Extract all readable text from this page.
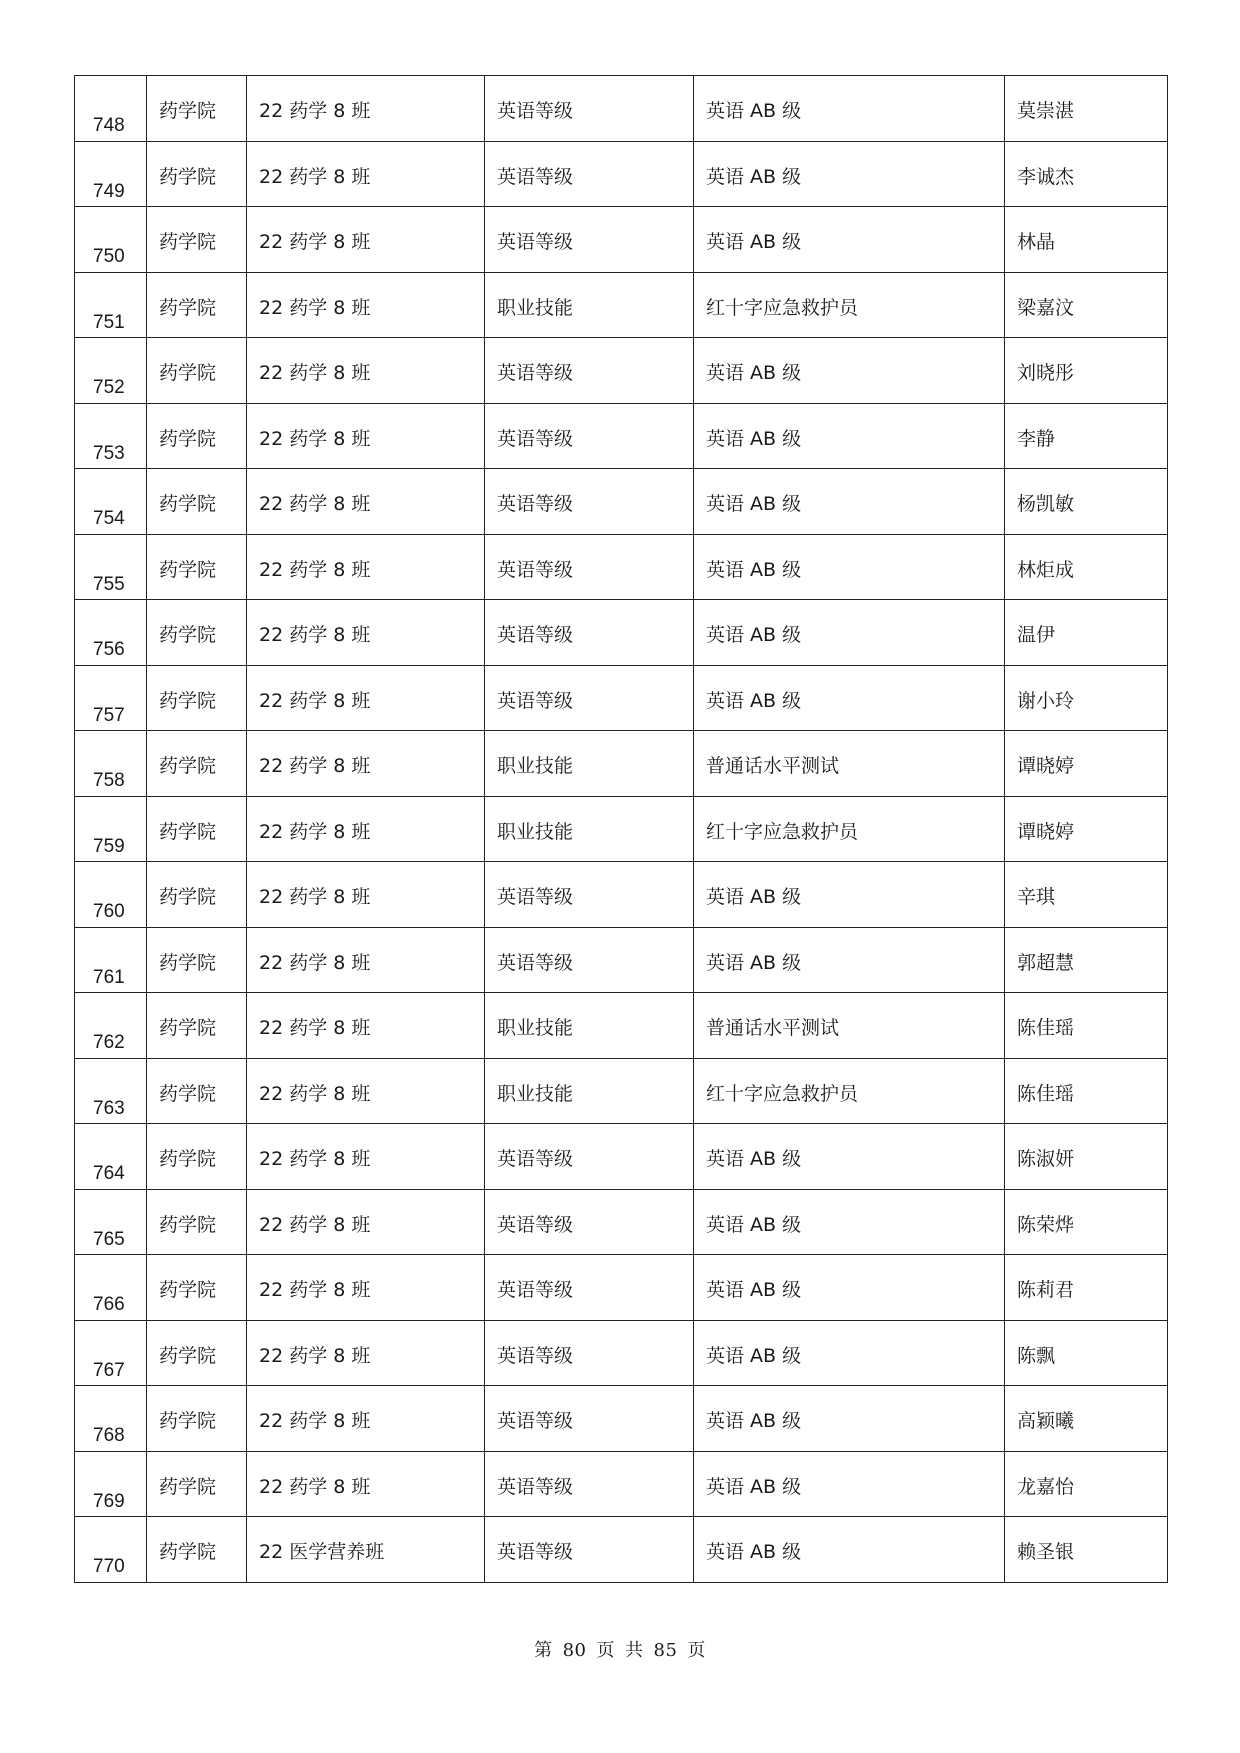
748	药学院	22 药学 8 班	英语等级	英语 AB 级	莫崇湛

749	药学院	22 药学 8 班	英语等级	英语 AB 级	李诚杰

750	药学院	22 药学 8 班	英语等级	英语 AB 级	林晶

751	药学院	22 药学 8 班	职业技能	红十字应急救护员	梁嘉汶

752	药学院	22 药学 8 班	英语等级	英语 AB 级	刘晓彤

753	药学院	22 药学 8 班	英语等级	英语 AB 级	李静

754	药学院	22 药学 8 班	英语等级	英语 AB 级	杨凯敏

755	药学院	22 药学 8 班	英语等级	英语 AB 级	林炬成

756	药学院	22 药学 8 班	英语等级	英语 AB 级	温伊

757	药学院	22 药学 8 班	英语等级	英语 AB 级	谢小玲

758	药学院	22 药学 8 班	职业技能	普通话水平测试	谭晓婷

759	药学院	22 药学 8 班	职业技能	红十字应急救护员	谭晓婷

760	药学院	22 药学 8 班	英语等级	英语 AB 级	辛琪

761	药学院	22 药学 8 班	英语等级	英语 AB 级	郭超慧

762	药学院	22 药学 8 班	职业技能	普通话水平测试	陈佳瑶

763	药学院	22 药学 8 班	职业技能	红十字应急救护员	陈佳瑶

764	药学院	22 药学 8 班	英语等级	英语 AB 级	陈淑妍

765	药学院	22 药学 8 班	英语等级	英语 AB 级	陈荣烨

766	药学院	22 药学 8 班	英语等级	英语 AB 级	陈莉君

767	药学院	22 药学 8 班	英语等级	英语 AB 级	陈飘

768	药学院	22 药学 8 班	英语等级	英语 AB 级	高颖曦

769	药学院	22 药学 8 班	英语等级	英语 AB 级	龙嘉怡

770	药学院	22 医学营养班	英语等级	英语 AB 级	赖圣银
第 80 页 共 85 页
